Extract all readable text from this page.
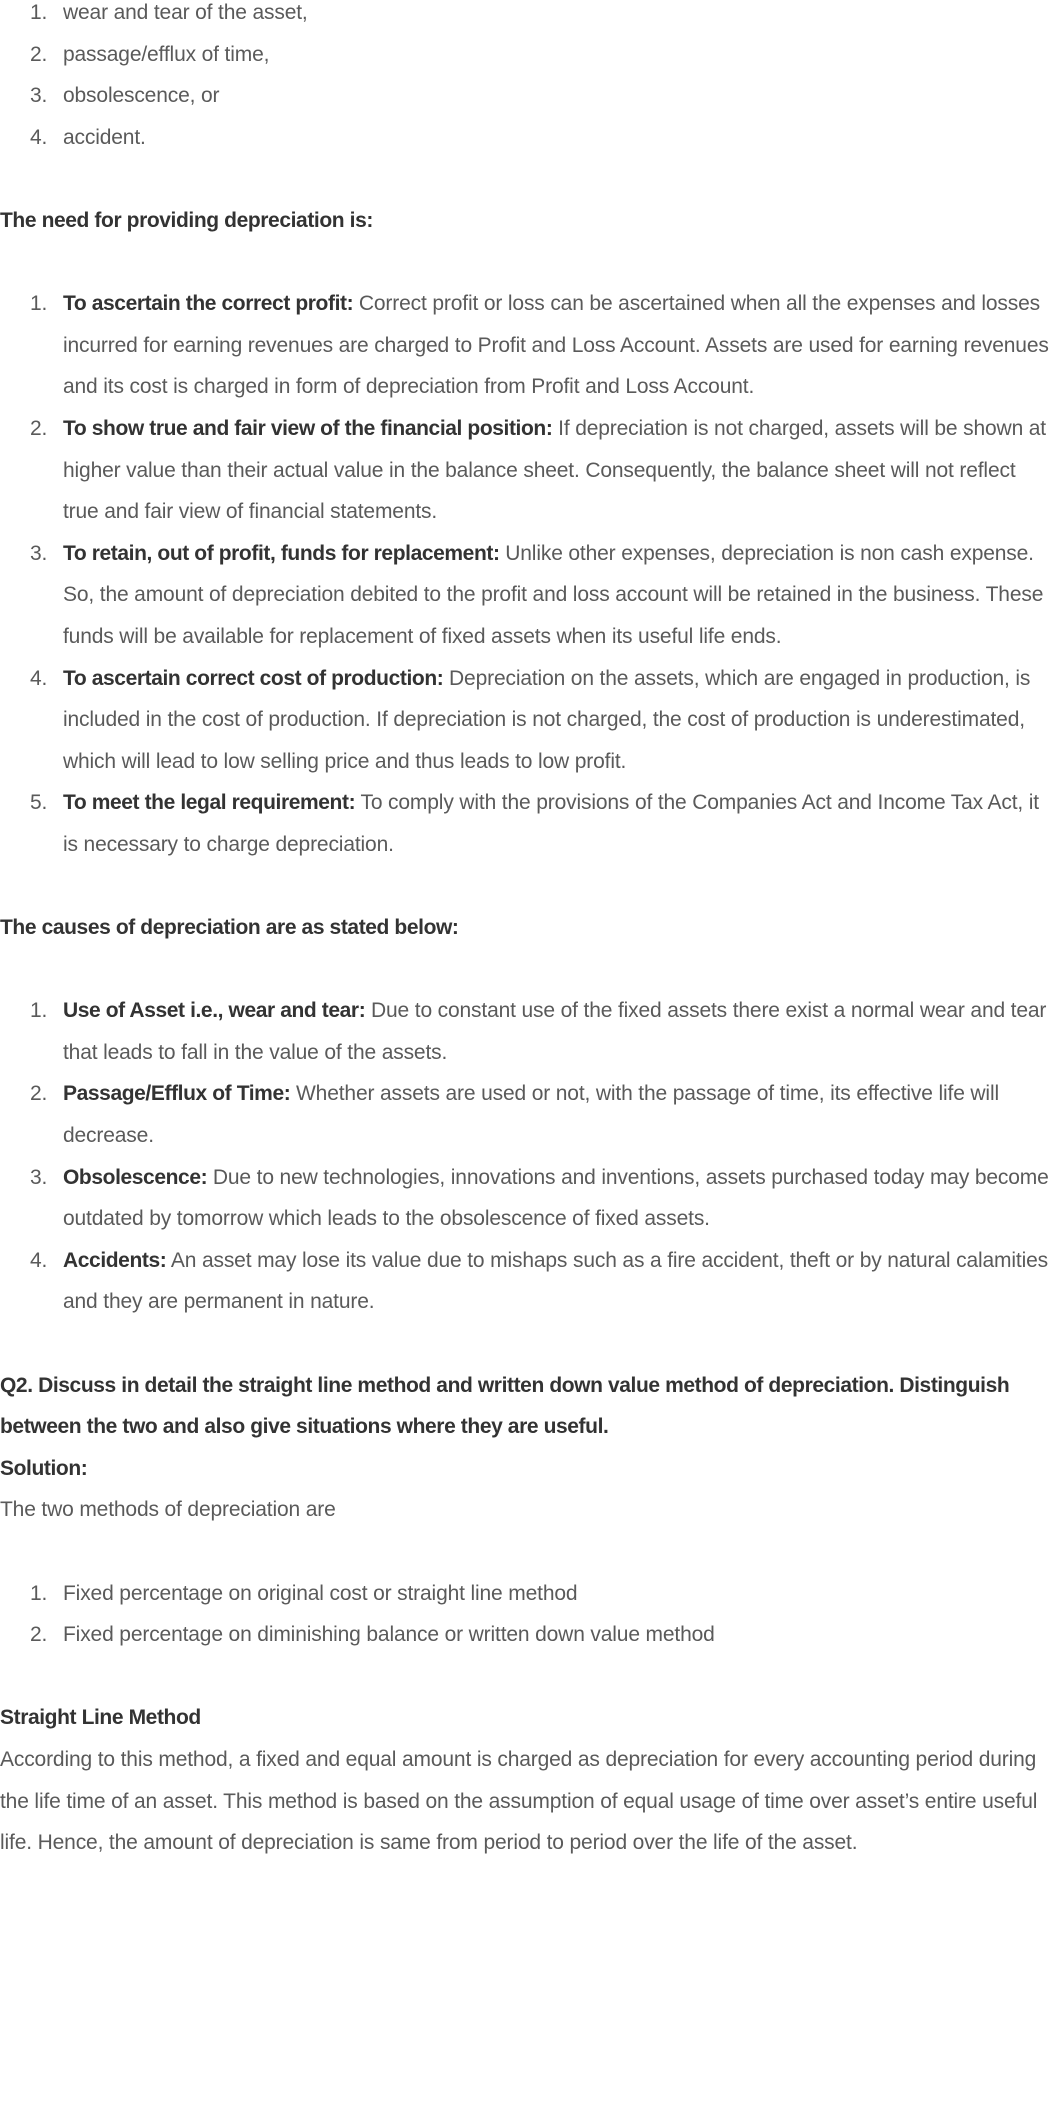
1. wear and tear of the asset,
2. passage/efflux of time,
3. obsolescence, or
4. accident.
The need for providing depreciation is:
1. To ascertain the correct profit: Correct profit or loss can be ascertained when all the expenses and losses incurred for earning revenues are charged to Profit and Loss Account. Assets are used for earning revenues and its cost is charged in form of depreciation from Profit and Loss Account.
2. To show true and fair view of the financial position: If depreciation is not charged, assets will be shown at higher value than their actual value in the balance sheet. Consequently, the balance sheet will not reflect true and fair view of financial statements.
3. To retain, out of profit, funds for replacement: Unlike other expenses, depreciation is non cash expense. So, the amount of depreciation debited to the profit and loss account will be retained in the business. These funds will be available for replacement of fixed assets when its useful life ends.
4. To ascertain correct cost of production: Depreciation on the assets, which are engaged in production, is included in the cost of production. If depreciation is not charged, the cost of production is underestimated, which will lead to low selling price and thus leads to low profit.
5. To meet the legal requirement: To comply with the provisions of the Companies Act and Income Tax Act, it is necessary to charge depreciation.
The causes of depreciation are as stated below:
1. Use of Asset i.e., wear and tear: Due to constant use of the fixed assets there exist a normal wear and tear that leads to fall in the value of the assets.
2. Passage/Efflux of Time: Whether assets are used or not, with the passage of time, its effective life will decrease.
3. Obsolescence: Due to new technologies, innovations and inventions, assets purchased today may become outdated by tomorrow which leads to the obsolescence of fixed assets.
4. Accidents: An asset may lose its value due to mishaps such as a fire accident, theft or by natural calamities and they are permanent in nature.
Q2. Discuss in detail the straight line method and written down value method of depreciation. Distinguish between the two and also give situations where they are useful.
Solution:
The two methods of depreciation are
1. Fixed percentage on original cost or straight line method
2. Fixed percentage on diminishing balance or written down value method
Straight Line Method
According to this method, a fixed and equal amount is charged as depreciation for every accounting period during the life time of an asset. This method is based on the assumption of equal usage of time over asset’s entire useful life. Hence, the amount of depreciation is same from period to period over the life of the asset.
